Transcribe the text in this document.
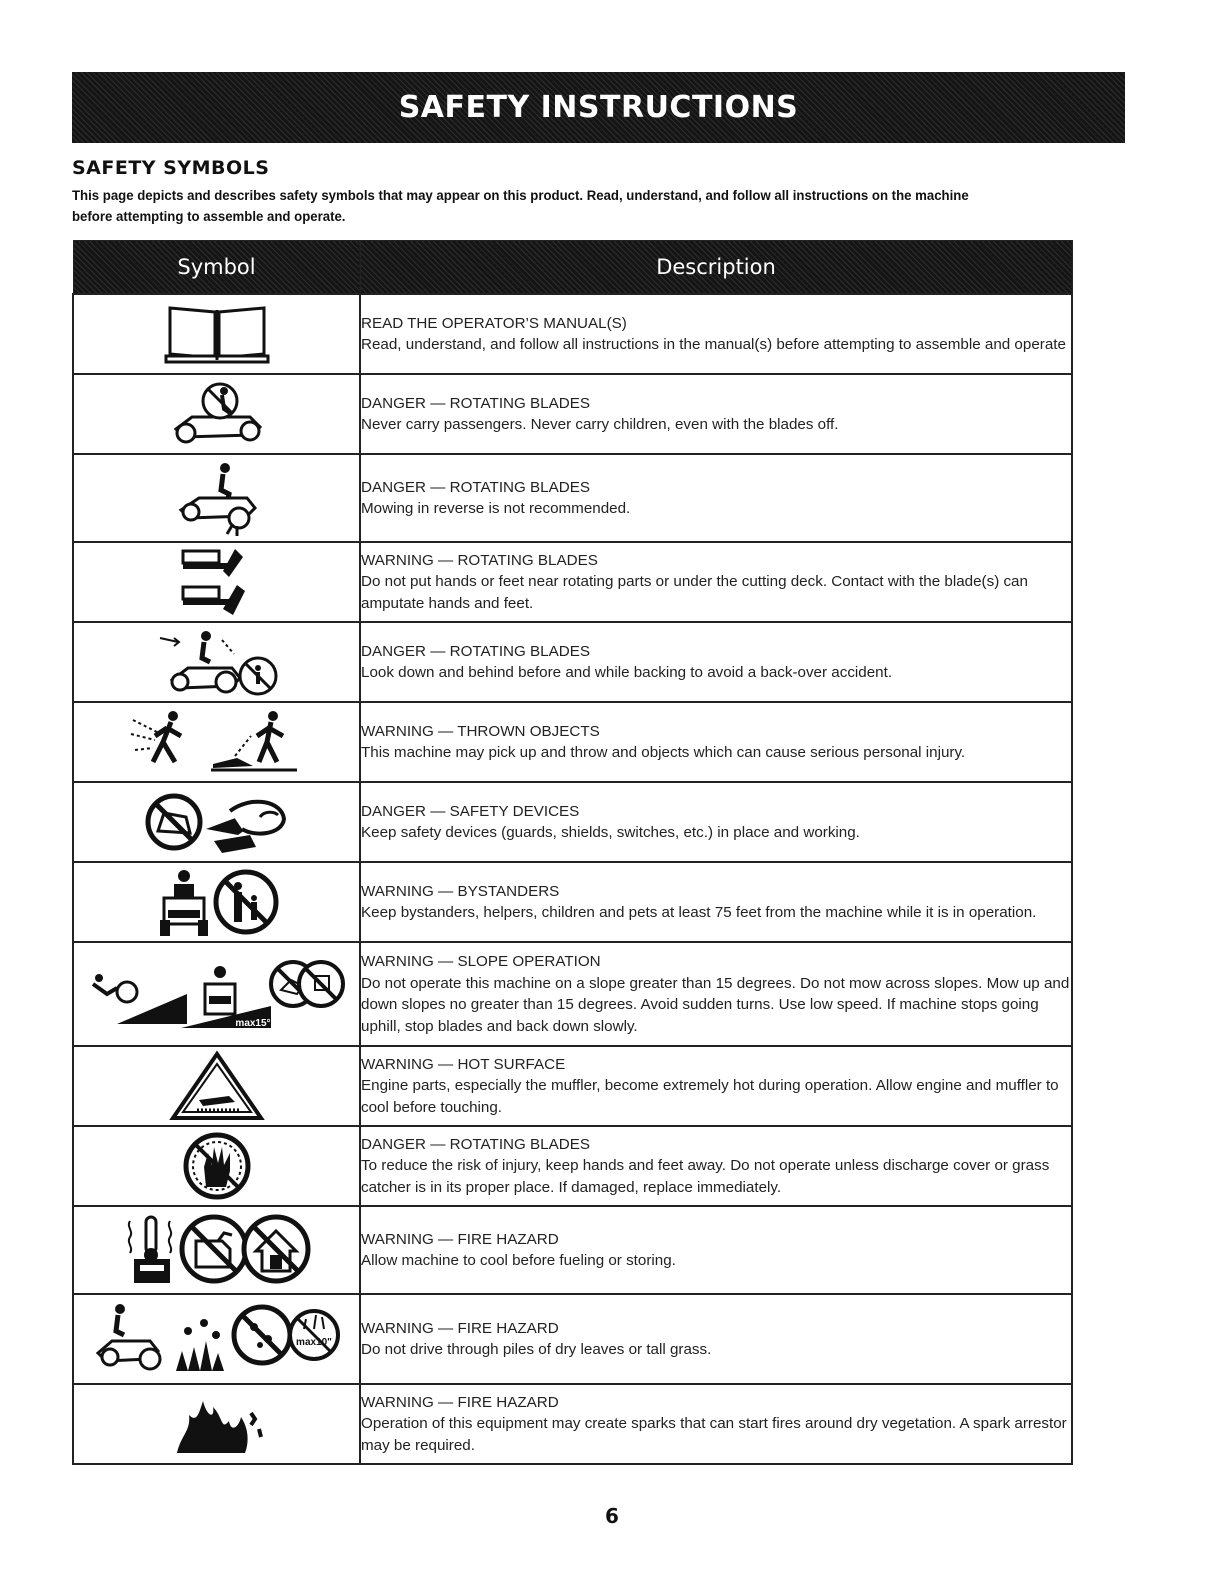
SAFETY INSTRUCTIONS
SAFETY SYMBOLS
This page depicts and describes safety symbols that may appear on this product. Read, understand, and follow all instructions on the machine before attempting to assemble and operate.
Symbol	Description

READ THE OPERATOR’S MANUAL(S)
Read, understand, and follow all instructions in the manual(s) before attempting to assemble and operate

DANGER — ROTATING BLADES
Never carry passengers. Never carry children, even with the blades off.

DANGER — ROTATING BLADES
Mowing in reverse is not recommended.

WARNING — ROTATING BLADES
Do not put hands or feet near rotating parts or under the cutting deck. Contact with the blade(s) can amputate hands and feet.

DANGER — ROTATING BLADES
Look down and behind before and while backing to avoid a back-over accident.

WARNING — THROWN OBJECTS
This machine may pick up and throw and objects which can cause serious personal injury.

DANGER — SAFETY DEVICES
Keep safety devices (guards, shields, switches, etc.) in place and working.

WARNING — BYSTANDERS
Keep bystanders, helpers, children and pets at least 75 feet from the machine while it is in operation.

max15°	WARNING — SLOPE OPERATION
Do not operate this machine on a slope greater than 15 degrees. Do not mow across slopes. Mow up and down slopes no greater than 15 degrees. Avoid sudden turns. Use low speed. If machine stops going uphill, stop blades and back down slowly.

WARNING — HOT SURFACE
Engine parts, especially the muffler, become extremely hot during operation. Allow engine and muffler to cool before touching.

DANGER — ROTATING BLADES
To reduce the risk of injury, keep hands and feet away. Do not operate unless discharge cover or grass catcher is in its proper place. If damaged, replace immediately.

WARNING — FIRE HAZARD
Allow machine to cool before fueling or storing.

max10"	WARNING — FIRE HAZARD
Do not drive through piles of dry leaves or tall grass.

WARNING — FIRE HAZARD
Operation of this equipment may create sparks that can start fires around dry vegetation. A spark arrestor may be required.
6
